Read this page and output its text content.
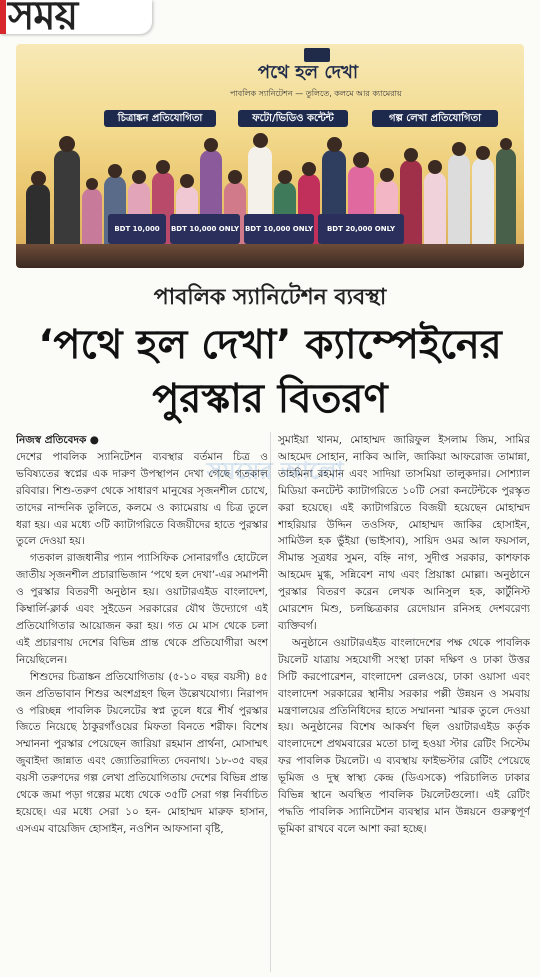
সময়
পথে হল দেখা
পাবলিক স্যানিটেশন — তুলিতে, কলমে আর ক্যামেরায়
চিত্রাঙ্কন প্রতিযোগিতা	ফটো/ভিডিও কন্টেন্ট	গল্প লেখা প্রতিযোগিতা
BDT 10,000	BDT 10,000 ONLY BDT 10,000 ONLY	BDT 20,000 ONLY
পাবলিক স্যানিটেশন ব্যবস্থা
‘পথে হল দেখা’ ক্যাম্পেইনের পুরস্কার বিতরণ

নিজস্ব প্রতিবেদক ●

দেশের পাবলিক স্যানিটেশন ব্যবস্থার বর্তমান চিত্র ও ভবিষ্যতের স্বপ্নের এক দারুণ উপস্থাপন দেখা গেছে গতকাল রবিবার। শিশু-তরুণ থেকে সাধারণ মানুষের সৃজনশীল চোখে, তাদের নান্দনিক তুলিতে, কলমে ও ক্যামেরায় এ চিত্র তুলে ধরা হয়। এর মধ্যে ৩টি ক্যাটাগরিতে বিজয়ীদের হাতে পুরস্কার তুলে দেওয়া হয়।

গতকাল রাজধানীর প্যান প্যাসিফিক সোনারগাঁও হোটেলে জাতীয় সৃজনশীল প্রচারাভিজান ‘পথে হল দেখা’-এর সমাপনী ও পুরস্কার বিতরণী অনুষ্ঠান হয়। ওয়াটারএইড বাংলাদেশ, কিম্বার্লি-ক্লার্ক এবং সুইডেন সরকারের যৌথ উদ্যোগে এই প্রতিযোগিতার আয়োজন করা হয়। গত মে মাস থেকে চলা এই প্রচারণায় দেশের বিভিন্ন প্রান্ত থেকে প্রতিযোগীরা অংশ নিয়েছিলেন।

শিশুদের চিত্রাঙ্কন প্রতিযোগিতায় (৫-১০ বছর বয়সী) ৪৫ জন প্রতিভাবান শিশুর অংশগ্রহণ ছিল উল্লেখযোগ্য। নিরাপদ ও পরিচ্ছন্ন পাবলিক টয়লেটের স্বপ্ন তুলে ধরে শীর্ষ পুরস্কার জিতে নিয়েছে ঠাকুরগাঁওয়ের মিফতা বিনতে শরীফ। বিশেষ সম্মাননা পুরস্কার পেয়েছেন জারিয়া রহমান প্রার্থনা, মোসাম্মৎ জুবাইদা জান্নাত এবং জ্যোতিরাদিত্য দেবনাথ। ১৮-৩৫ বছর বয়সী তরুণদের গল্প লেখা প্রতিযোগিতায় দেশের বিভিন্ন প্রান্ত থেকে জমা পড়া গল্পের মধ্যে থেকে ৩৫টি সেরা গল্প নির্বাচিত হয়েছে। এর মধ্যে সেরা ১০ হন- মোহাম্মদ মারুফ হাসান, এসএম বায়েজিদ হোসাইন, নওশিন আফসানা বৃষ্টি,

সুমাইয়া খানম, মোহাম্মদ জারিফুল ইসলাম জিম, সামির আহমেদ সোহান, নাকিব আলি, জাকিয়া আফরোজ তামান্না, তাহমিনা রহমান এবং সাদিয়া তাসমিয়া তালুকদার। সোশ্যাল মিডিয়া কনটেন্ট ক্যাটাগরিতে ১০টি সেরা কনটেন্টকে পুরস্কৃত করা হয়েছে। এই ক্যাটাগরিতে বিজয়ী হয়েছেন মোহাম্মদ শাহরিয়ার উদ্দিন তওসিফ, মোহাম্মদ জাকির হোসাইন, সামিউল হক ভুঁইয়া (ভাইসাব), সায়িদ ওমর আল ফয়সাল, সীমান্ত সূত্রধর সুমন, বহ্নি নাগ, সুদীপ্ত সরকার, কাশফাক আহমেদ মুগ্ধ, সন্নিবেশ নাথ এবং প্রিয়াঙ্কা মোল্লা। অনুষ্ঠানে পুরস্কার বিতরণ করেন লেখক আনিসুল হক, কার্টুনিস্ট মোরশেদ মিশু, চলচ্চিত্রকার রেদোয়ান রনিসহ দেশবরেণ্য ব্যক্তিবর্গ।

অনুষ্ঠানে ওয়াটারএইড বাংলাদেশের পক্ষ থেকে পাবলিক টয়লেট যাত্রায় সহযোগী সংস্থা ঢাকা দক্ষিণ ও ঢাকা উত্তর সিটি করপোরেশন, বাংলাদেশ রেলওয়ে, ঢাকা ওয়াসা এবং বাংলাদেশ সরকারের স্থানীয় সরকার পল্লী উন্নয়ন ও সমবায় মন্ত্রণালয়ের প্রতিনিধিদের হাতে সম্মাননা স্মারক তুলে দেওয়া হয়। অনুষ্ঠানের বিশেষ আকর্ষণ ছিল ওয়াটারএইড কর্তৃক বাংলাদেশে প্রথমবারের মতো চালু হওয়া স্টার রেটিং সিস্টেম ফর পাবলিক টয়লেট। এ ব্যবস্থায় ফাইভস্টার রেটিং পেয়েছে ভূমিজ ও দুস্থ স্বাস্থ্য কেন্দ্র (ডিএসকে) পরিচালিত ঢাকার বিভিন্ন স্থানে অবস্থিত পাবলিক টয়লেটগুলো। এই রেটিং পদ্ধতি পাবলিক স্যানিটেশন ব্যবস্থার মান উন্নয়নে গুরুত্বপূর্ণ ভূমিকা রাখবে বলে আশা করা হচ্ছে।

সময়ের আলো
